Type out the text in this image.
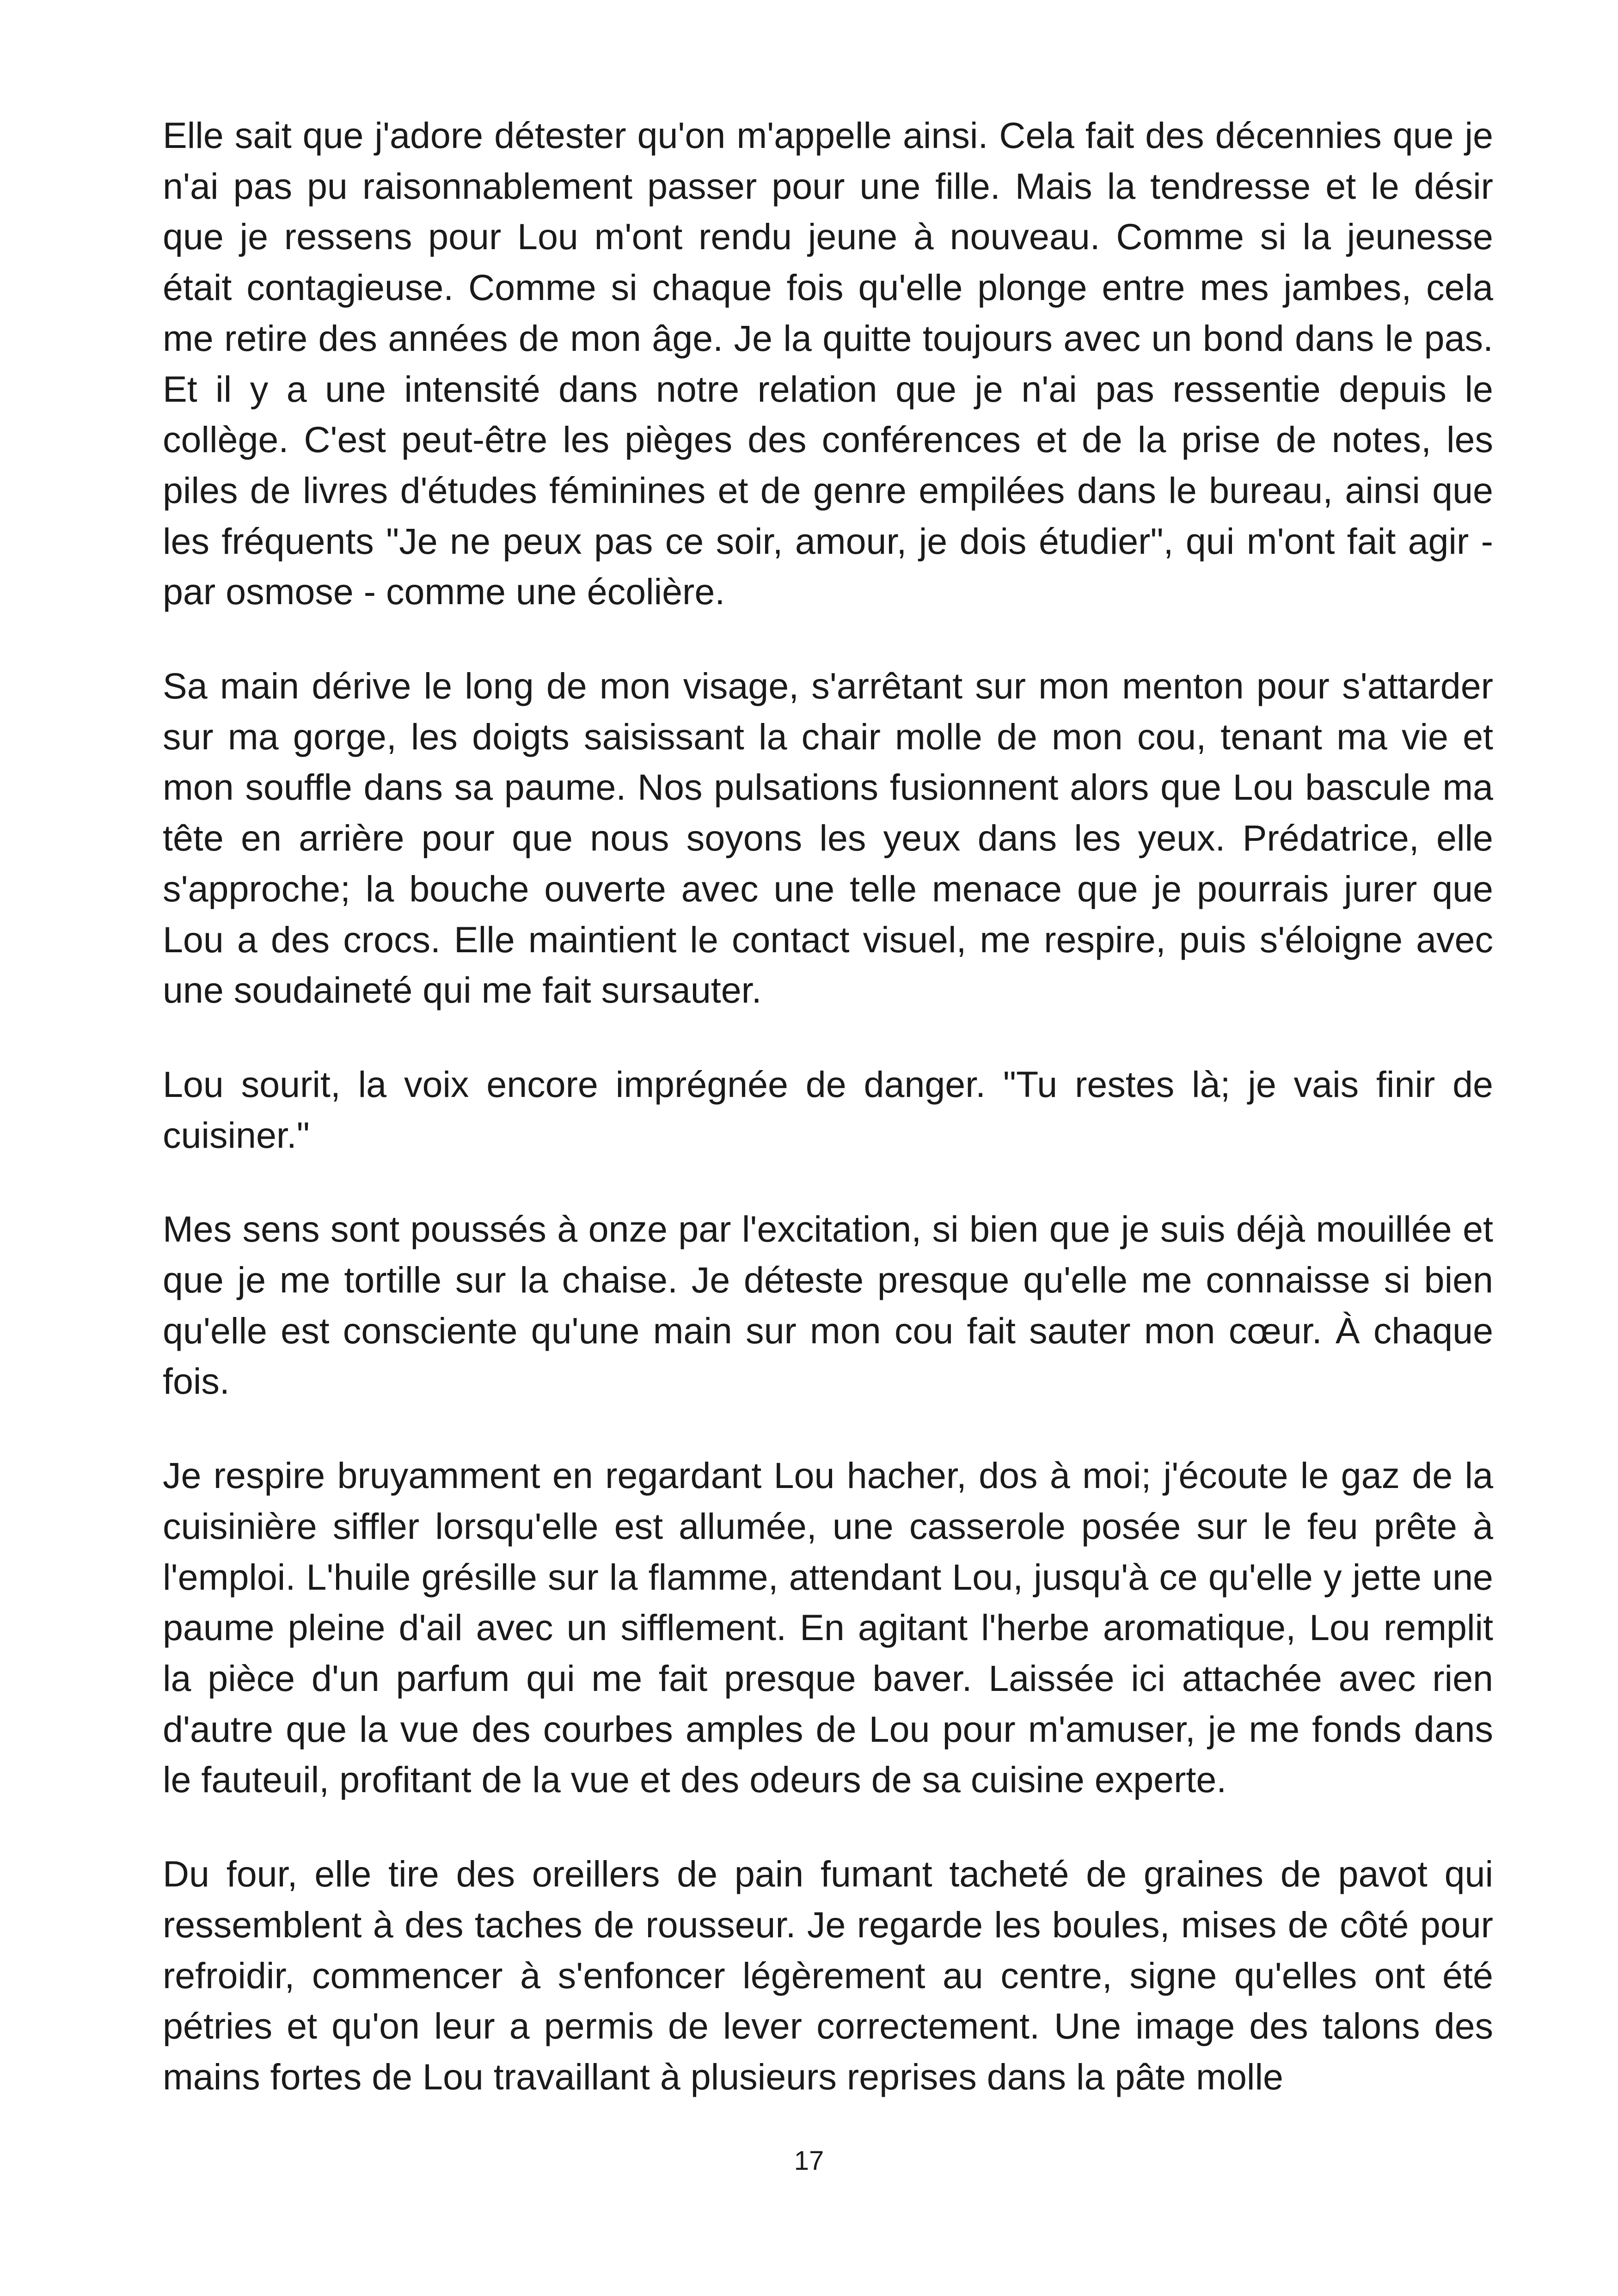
Elle sait que j'adore détester qu'on m'appelle ainsi. Cela fait des décennies que je n'ai pas pu raisonnablement passer pour une fille. Mais la tendresse et le désir que je ressens pour Lou m'ont rendu jeune à nouveau. Comme si la jeunesse était contagieuse. Comme si chaque fois qu'elle plonge entre mes jambes, cela me retire des années de mon âge. Je la quitte toujours avec un bond dans le pas. Et il y a une intensité dans notre relation que je n'ai pas ressentie depuis le collège. C'est peut-être les pièges des conférences et de la prise de notes, les piles de livres d'études féminines et de genre empilées dans le bureau, ainsi que les fréquents "Je ne peux pas ce soir, amour, je dois étudier", qui m'ont fait agir - par osmose - comme une écolière.

Sa main dérive le long de mon visage, s'arrêtant sur mon menton pour s'attarder sur ma gorge, les doigts saisissant la chair molle de mon cou, tenant ma vie et mon souffle dans sa paume. Nos pulsations fusionnent alors que Lou bascule ma tête en arrière pour que nous soyons les yeux dans les yeux. Prédatrice, elle s'approche; la bouche ouverte avec une telle menace que je pourrais jurer que Lou a des crocs. Elle maintient le contact visuel, me respire, puis s'éloigne avec une soudaineté qui me fait sursauter.

Lou sourit, la voix encore imprégnée de danger. "Tu restes là; je vais finir de cuisiner."

Mes sens sont poussés à onze par l'excitation, si bien que je suis déjà mouillée et que je me tortille sur la chaise. Je déteste presque qu'elle me connaisse si bien qu'elle est consciente qu'une main sur mon cou fait sauter mon cœur. À chaque fois.

Je respire bruyamment en regardant Lou hacher, dos à moi; j'écoute le gaz de la cuisinière siffler lorsqu'elle est allumée, une casserole posée sur le feu prête à l'emploi. L'huile grésille sur la flamme, attendant Lou, jusqu'à ce qu'elle y jette une paume pleine d'ail avec un sifflement. En agitant l'herbe aromatique, Lou remplit la pièce d'un parfum qui me fait presque baver. Laissée ici attachée avec rien d'autre que la vue des courbes amples de Lou pour m'amuser, je me fonds dans le fauteuil, profitant de la vue et des odeurs de sa cuisine experte.

Du four, elle tire des oreillers de pain fumant tacheté de graines de pavot qui ressemblent à des taches de rousseur. Je regarde les boules, mises de côté pour refroidir, commencer à s'enfoncer légèrement au centre, signe qu'elles ont été pétries et qu'on leur a permis de lever correctement. Une image des talons des mains fortes de Lou travaillant à plusieurs reprises dans la pâte molle

17
